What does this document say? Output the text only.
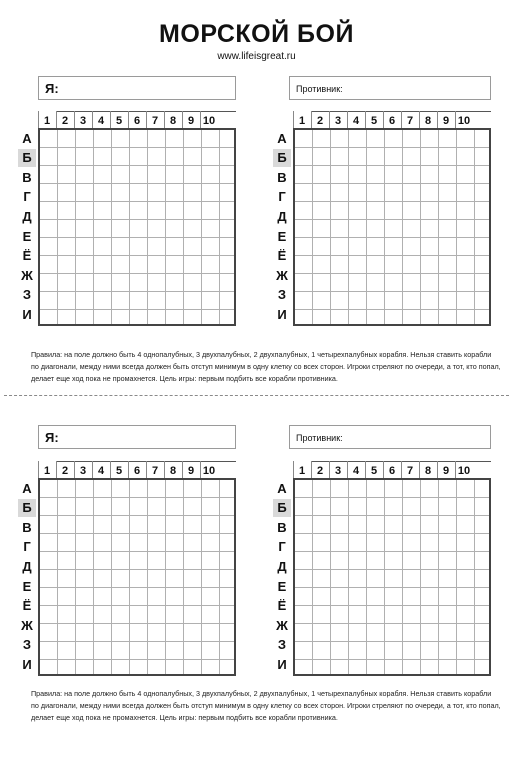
МОРСКОЙ БОЙ
www.lifeisgreat.ru
Я:	Противник:
1	2	3	4	5	6	7	8	9 10
А
Б
В
Г
Д
Е
Ё
Ж
З
И
1	2	3	4	5	6	7	8	9 10
А
Б
В
Г
Д
Е
Ё
Ж
З
И
Правила: на поле должно быть 4 однопалубных, 3 двухпалубных, 2 двухпалубных, 1 четырехпалубных корабля. Нельзя ставить корабли по диагонали, между ними всегда должен быть отступ минимум в одну клетку со всех сторон. Игроки стреляют по очереди, а тот, кто попал, делает еще ход пока не промахнется. Цель игры: первым подбить все корабли противника.
Я:	Противник:
1	2	3	4	5	6	7	8	9 10
А
Б
В
Г
Д
Е
Ё
Ж
З
И
1	2	3	4	5	6	7	8	9 10
А
Б
В
Г
Д
Е
Ё
Ж
З
И
Правила: на поле должно быть 4 однопалубных, 3 двухпалубных, 2 двухпалубных, 1 четырехпалубных корабля. Нельзя ставить корабли по диагонали, между ними всегда должен быть отступ минимум в одну клетку со всех сторон. Игроки стреляют по очереди, а тот, кто попал, делает еще ход пока не промахнется. Цель игры: первым подбить все корабли противника.
